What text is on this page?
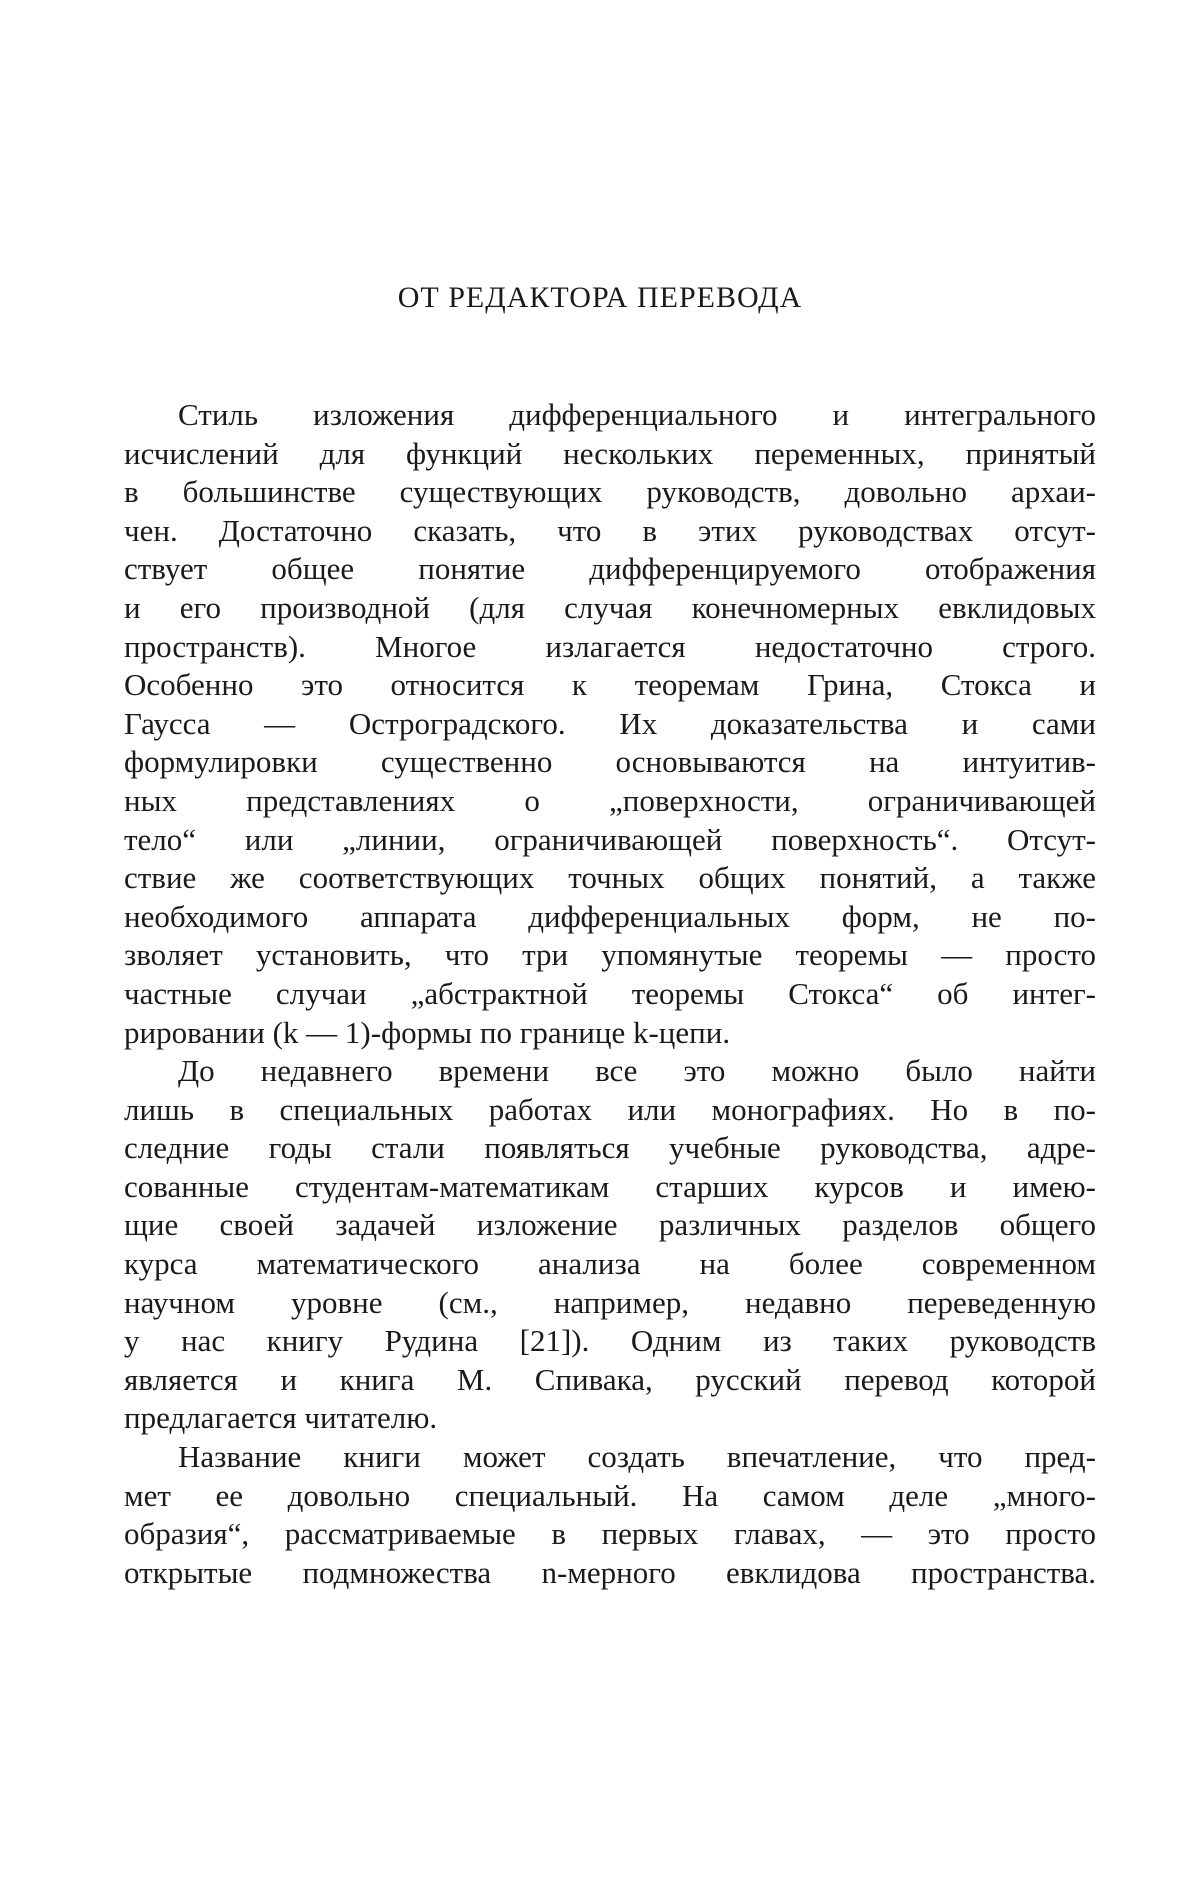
ОТ РЕДАКТОРА ПЕРЕВОДА
Стиль изложения дифференциального и интегрального
исчислений для функций нескольких переменных, принятый
в большинстве существующих руководств, довольно архаи-
чен. Достаточно сказать, что в этих руководствах отсут-
ствует общее понятие дифференцируемого отображения
и его производной (для случая конечномерных евклидовых
пространств). Многое излагается недостаточно строго.
Особенно это относится к теоремам Грина, Стокса и
Гаусса — Остроградского. Их доказательства и сами
формулировки существенно основываются на интуитив-
ных представлениях о „поверхности, ограничивающей
тело“ или „линии, ограничивающей поверхность“. Отсут-
ствие же соответствующих точных общих понятий, а также
необходимого аппарата дифференциальных форм, не по-
зволяет установить, что три упомянутые теоремы — просто
частные случаи „абстрактной теоремы Стокса“ об интег-
рировании (k — 1)-формы по границе k-цепи.
До недавнего времени все это можно было найти
лишь в специальных работах или монографиях. Но в по-
следние годы стали появляться учебные руководства, адре-
сованные студентам-математикам старших курсов и имею-
щие своей задачей изложение различных разделов общего
курса математического анализа на более современном
научном уровне (см., например, недавно переведенную
у нас книгу Рудина [21]). Одним из таких руководств
является и книга М. Спивака, русский перевод которой
предлагается читателю.
Название книги может создать впечатление, что пред-
мет ее довольно специальный. На самом деле „много-
образия“, рассматриваемые в первых главах, — это просто
открытые подмножества n-мерного евклидова пространства.
